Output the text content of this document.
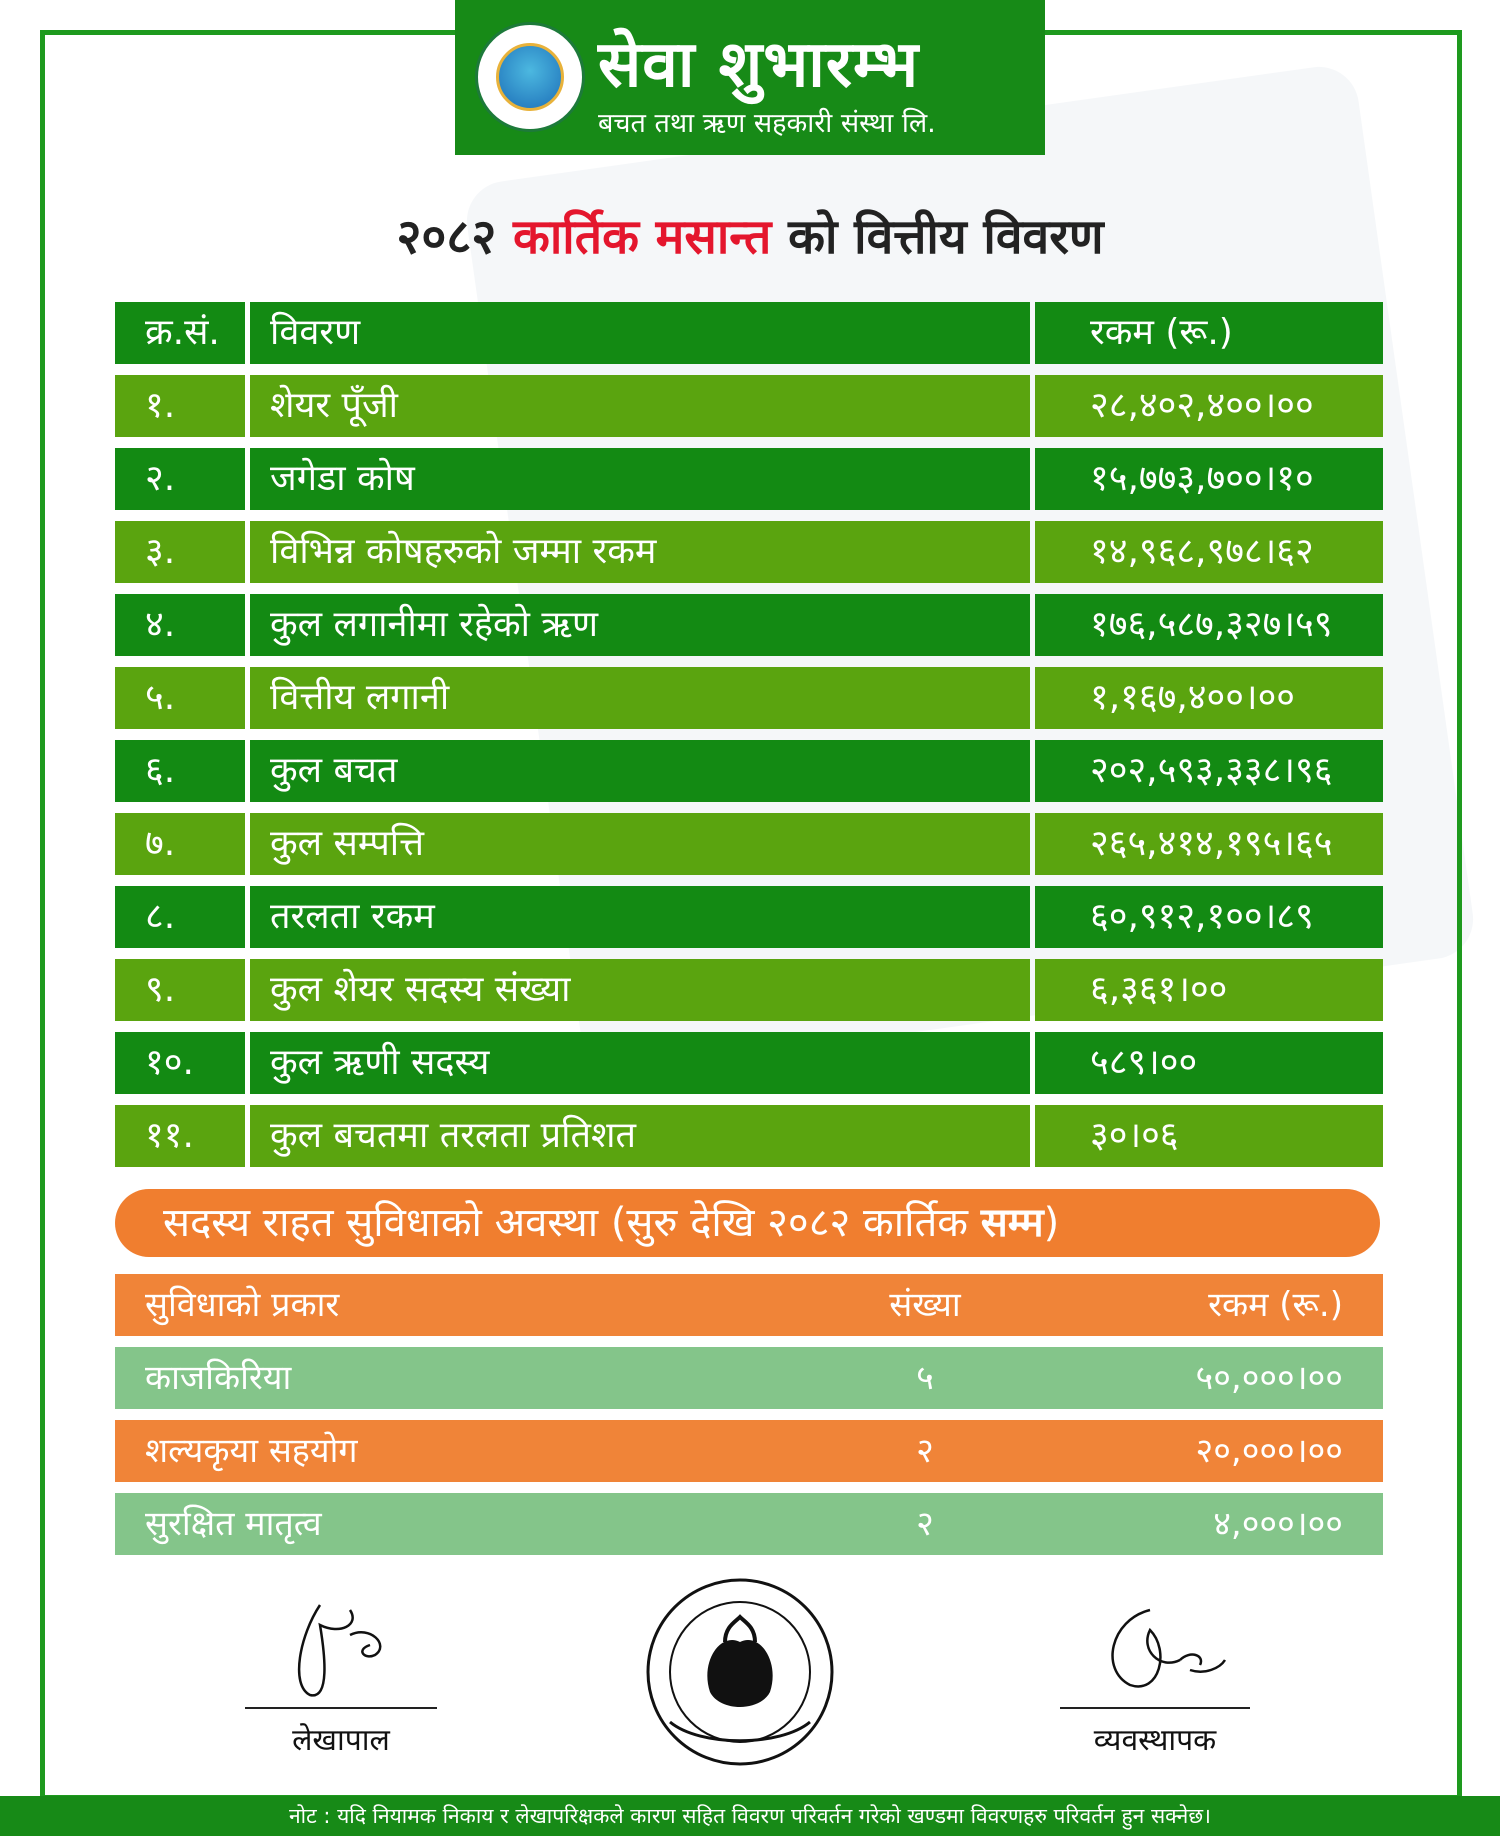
सेवा शुभारम्भ
बचत तथा ऋण सहकारी संस्था लि.
२०८२ कार्तिक मसान्त को वित्तीय विवरण
क्र.सं.	विवरण	रकम (रू.)
१.	शेयर पूँजी	२८,४०२,४००।००
२.	जगेडा कोष	१५,७७३,७००।१०
३.	विभिन्न कोषहरुको जम्मा रकम	१४,९६८,९७८।६२
४.	कुल लगानीमा रहेको ऋण	१७६,५८७,३२७।५९
५.	वित्तीय लगानी	१,१६७,४००।००
६.	कुल बचत	२०२,५९३,३३८।९६
७.	कुल सम्पत्ति	२६५,४१४,१९५।६५
८.	तरलता रकम	६०,९१२,१००।८९
९.	कुल शेयर सदस्य संख्या	६,३६१।००
१०.	कुल ऋणी सदस्य	५८९।००
११.	कुल बचतमा तरलता प्रतिशत	३०।०६
सदस्य राहत सुविधाको अवस्था (सुरु देखि २०८२ कार्तिक सम्म)
सुविधाको प्रकार	संख्या	रकम (रू.)
काजकिरिया	५	५०,०००।००
शल्यकृया सहयोग	२	२०,०००।००
सुरक्षित मातृत्व	२	४,०००।००
लेखापाल	व्यवस्थापक
नोट : यदि नियामक निकाय र लेखापरिक्षकले कारण सहित विवरण परिवर्तन गरेको खण्डमा विवरणहरु परिवर्तन हुन सक्नेछ।
